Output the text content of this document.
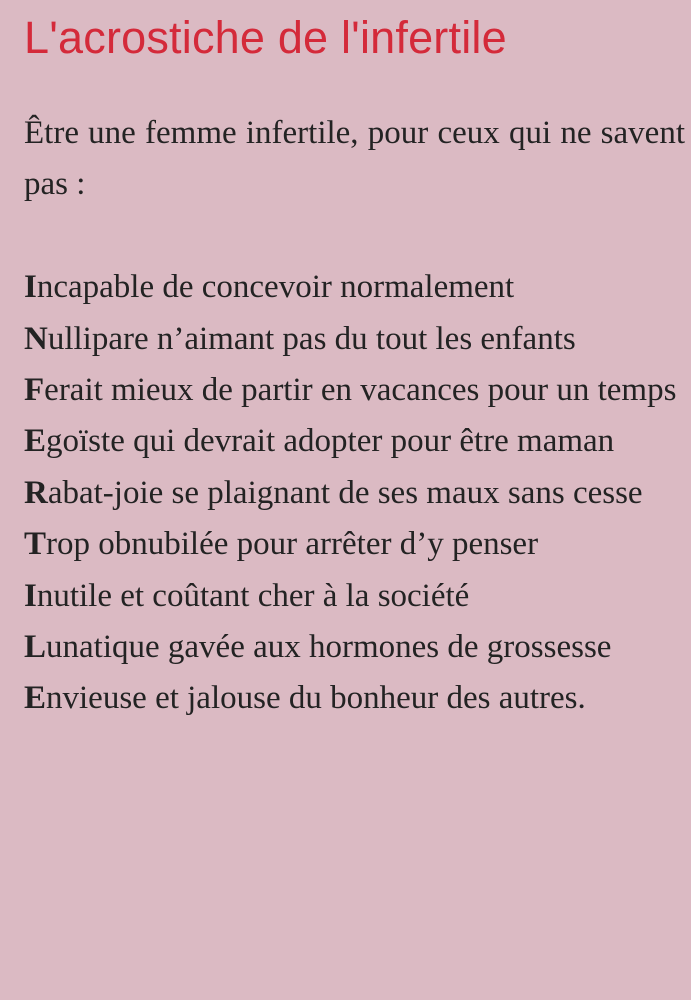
L'acrostiche de l'infertile

Être une femme infertile, pour ceux qui ne savent pas :

Incapable de concevoir normalement

Nullipare n’aimant pas du tout les enfants

Ferait mieux de partir en vacances pour un temps

Egoïste qui devrait adopter pour être maman

Rabat-joie se plaignant de ses maux sans cesse

Trop obnubilée pour arrêter d’y penser

Inutile et coûtant cher à la société

Lunatique gavée aux hormones de grossesse

Envieuse et jalouse du bonheur des autres.
